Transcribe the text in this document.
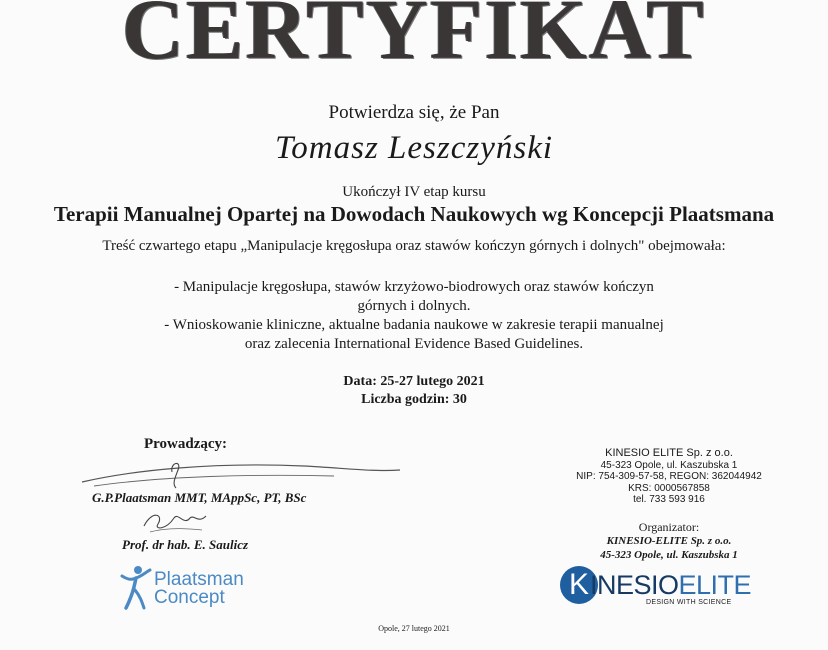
CERTYFIKAT
Potwierdza się, że Pan
Tomasz Leszczyński
Ukończył IV etap kursu
Terapii Manualnej Opartej na Dowodach Naukowych wg Koncepcji Plaatsmana
Treść czwartego etapu „Manipulacje kręgosłupa oraz stawów kończyn górnych i dolnych" obejmowała:
- Manipulacje kręgosłupa, stawów krzyżowo-biodrowych oraz stawów kończyn
górnych i dolnych.
- Wnioskowanie kliniczne, aktualne badania naukowe w zakresie terapii manualnej
oraz zalecenia International Evidence Based Guidelines.
Data: 25-27 lutego 2021
Liczba godzin: 30
Prowadzący:
G.P.Plaatsman MMT, MAppSc, PT, BSc
Prof. dr hab. E. Saulicz
Plaatsman
Concept
KINESIO ELITE Sp. z o.o.
45-323 Opole, ul. Kaszubska 1
NIP: 754-309-57-58, REGON: 362044942
KRS: 0000567858
tel. 733 593 916
Organizator:
KINESIO-ELITE Sp. z o.o.
45-323 Opole, ul. Kaszubska 1
K INESIOELITE
DESIGN WITH SCIENCE
Opole, 27 lutego 2021
